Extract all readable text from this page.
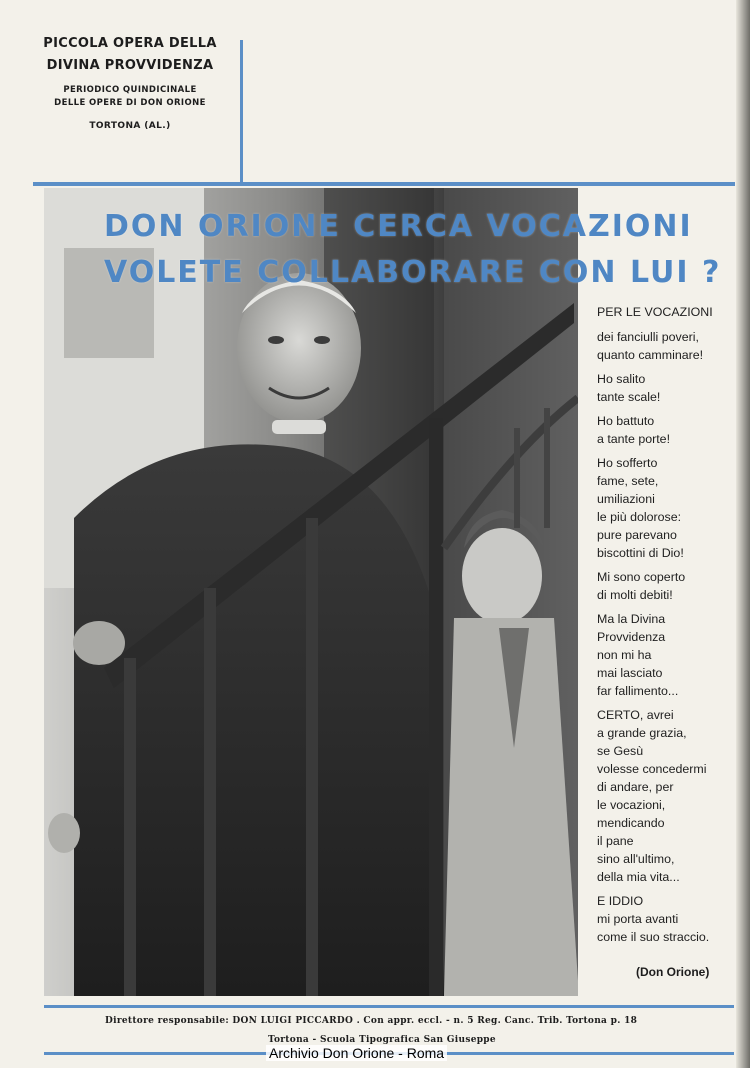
PICCOLA OPERA DELLA
DIVINA PROVVIDENZA
PERIODICO QUINDICINALE
DELLE OPERE DI DON ORIONE
TORTONA (AL.)
DON ORIONE CERCA VOCAZIONI
VOLETE COLLABORARE CON LUI ?
PER LE VOCAZIONI
dei fanciulli poveri,
quanto camminare!
Ho salito
tante scale!
Ho battuto
a tante porte!
Ho sofferto
fame, sete,
umiliazioni
le più dolorose:
pure parevano
biscottini di Dio!
Mi sono coperto
di molti debiti!
Ma la Divina
Provvidenza
non mi ha
mai lasciato
far fallimento...
CERTO, avrei
a grande grazia,
se Gesù
volesse concedermi
di andare, per
le vocazioni,
mendicando
il pane
sino all'ultimo,
della mia vita...
E IDDIO
mi porta avanti
come il suo straccio.
(Don Orione)
Direttore responsabile: DON LUIGI PICCARDO . Con appr. eccl. - n. 5 Reg. Canc. Trib. Tortona p. 18
Tortona - Scuola Tipografica San Giuseppe
Archivio Don Orione - Roma
